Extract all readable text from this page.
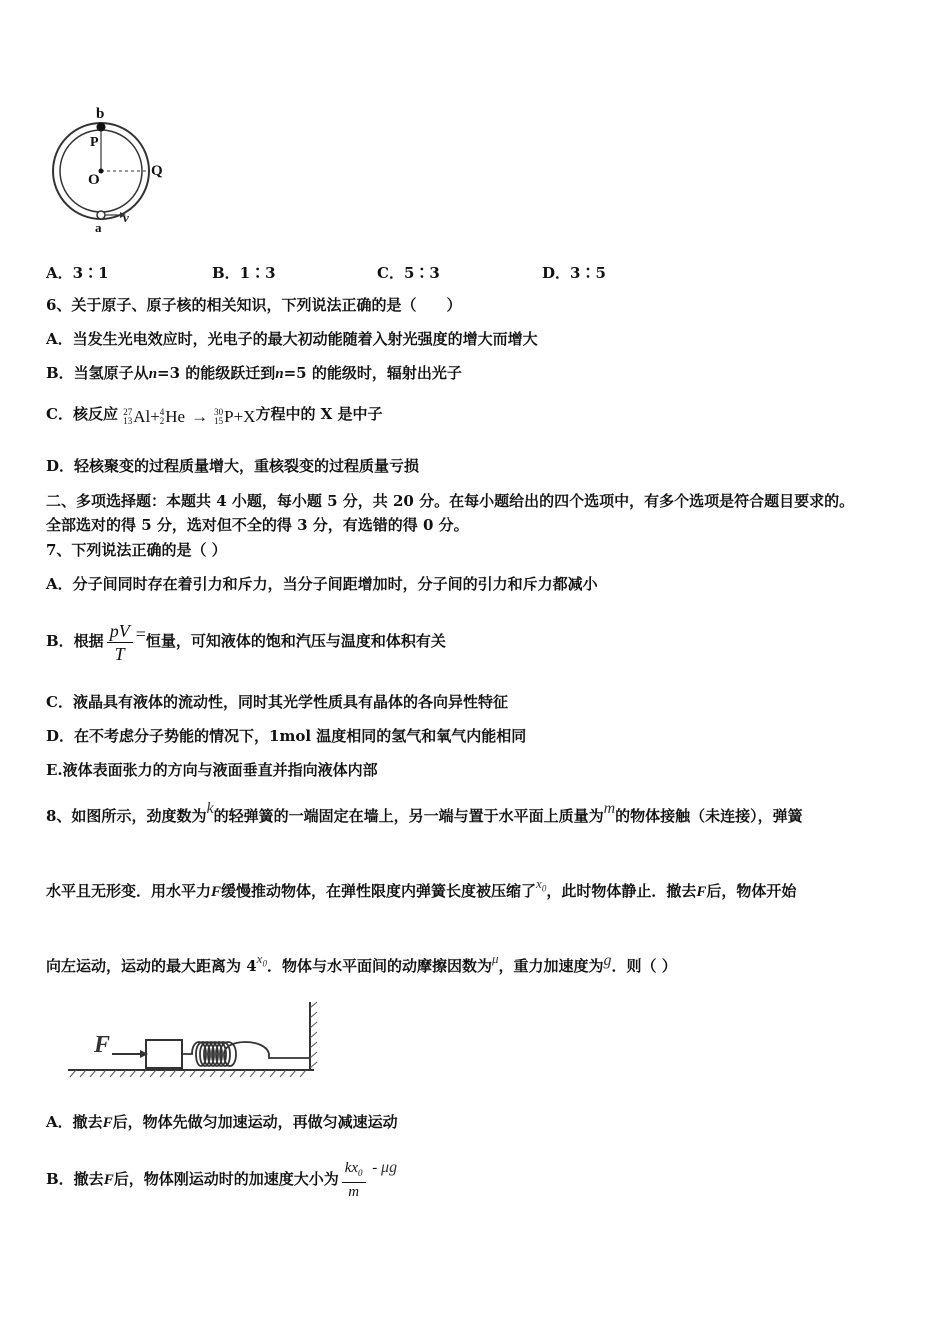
b
P
O
Q
a
v
A．3∶1	B．1∶3	C．5∶3	D．3∶5
6、关于原子、原子核的相关知识，下列说法正确的是（　　）
A．当发生光电效应时，光电子的最大初动能随着入射光强度的增大而增大
B．当氢原子从n=3 的能级跃迁到n=5 的能级时，辐射出光子
C．核反应 27
13 Al + 4
2 He → 30
15 P +X 方程中的 X 是中子
D．轻核聚变的过程质量增大，重核裂变的过程质量亏损
二、多项选择题：本题共 4 小题，每小题 5 分，共 20 分。在每小题给出的四个选项中，有多个选项是符合题目要求的。
全部选对的得 5 分，选对但不全的得 3 分，有选错的得 0 分。
7、下列说法正确的是（ ）
A．分子间同时存在着引力和斥力，当分子间距增加时，分子间的引力和斥力都减小
B．根据 $\frac{pV}{T}$ =恒量，可知液体的饱和汽压与温度和体积有关
C．液晶具有液体的流动性，同时其光学性质具有晶体的各向异性特征
D．在不考虑分子势能的情况下，1mol 温度相同的氢气和氧气内能相同
E.液体表面张力的方向与液面垂直并指向液体内部
8、如图所示，劲度数为k的轻弹簧的一端固定在墙上，另一端与置于水平面上质量为m的物体接触（未连接），弹簧
水平且无形变．用水平力F缓慢推动物体，在弹性限度内弹簧长度被压缩了$x_0$，此时物体静止．撤去F后，物体开始
向左运动，运动的最大距离为 $4x_0$．物体与水平面间的动摩擦因数为μ，重力加速度为g．则（ ）
F
A．撤去F后，物体先做匀加速运动，再做匀减速运动
B．撤去F后，物体刚运动时的加速度大小为 $\frac{kx_0}{m}$ - μg
